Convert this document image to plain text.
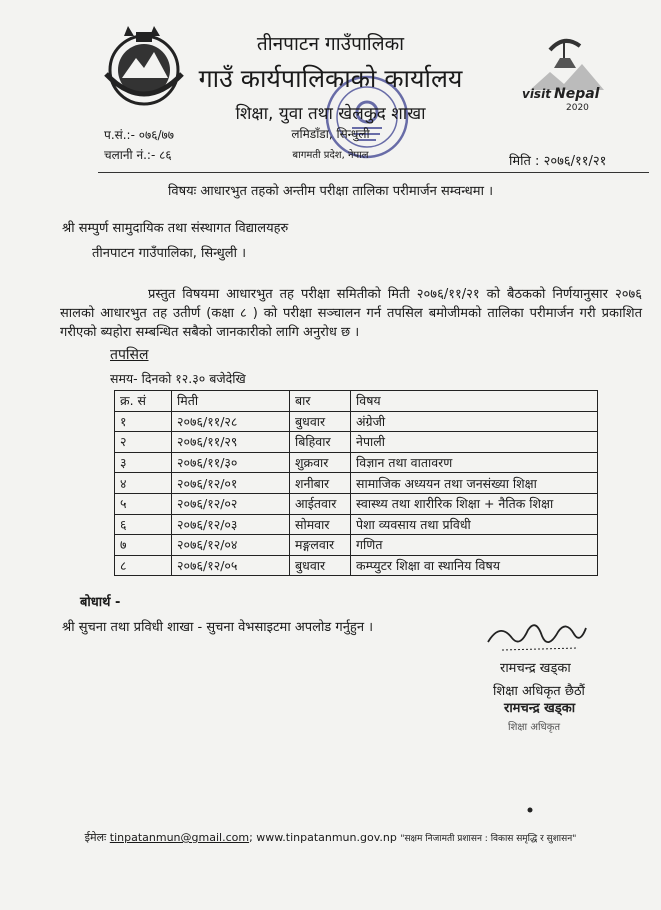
visit Nepal
2020
तीनपाटन गाउँपालिका
गाउँ कार्यपालिकाको कार्यालय
शिक्षा, युवा तथा खेलकुद शाखा
लमिडाँडा, सिन्धुली
बागमती प्रदेश, नेपाल
प.सं.:- ०७६/७७
चलानी नं.:- ८६	मिति : २०७६/११/२१
विषयः आधारभुत तहको अन्तीम परीक्षा तालिका परीमार्जन सम्वन्धमा ।
श्री सम्पुर्ण सामुदायिक तथा संस्थागत विद्यालयहरु
तीनपाटन गाउँपालिका, सिन्धुली ।
प्रस्तुत विषयमा आधारभुत तह परीक्षा समितीको मिती २०७६/११/२१ को बैठकको निर्णयानुसार २०७६ सालको आधारभुत तह उतीर्ण (कक्षा ८ ) को परीक्षा सञ्चालन गर्न तपसिल बमोजीमको तालिका परीमार्जन गरी प्रकाशित गरीएको ब्यहोरा सम्बन्धित सबैको जानकारीको लागि अनुरोध छ ।
तपसिल
समय- दिनको १२.३० बजेदेखि
क्र. सं	मिती	बार	विषय
१	२०७६/११/२८	बुधवार	अंग्रेजी
२	२०७६/११/२९	बिहिवार	नेपाली
३	२०७६/११/३०	शुक्रवार	विज्ञान तथा वातावरण
४	२०७६/१२/०१	शनीबार	सामाजिक अध्ययन तथा जनसंख्या शिक्षा
५	२०७६/१२/०२	आईतवार	स्वास्थ्य तथा शारीरिक शिक्षा + नैतिक शिक्षा
६	२०७६/१२/०३	सोमवार	पेशा व्यवसाय तथा प्रविधी
७	२०७६/१२/०४	मङ्गलवार	गणित
८	२०७६/१२/०५	बुधवार	कम्प्युटर शिक्षा वा स्थानिय विषय
बोधार्थ -
श्री सुचना तथा प्रविधी शाखा - सुचना वेभसाइटमा अपलोड गर्नुहुन ।
रामचन्द्र खड्का
शिक्षा अधिकृत छैठौं
रामचन्द्र खड्का
शिक्षा अधिकृत
ईमेलः tinpatanmun@gmail.com; www.tinpatanmun.gov.np "सक्षम निजामती प्रशासन : विकास समृद्धि र सुशासन"
